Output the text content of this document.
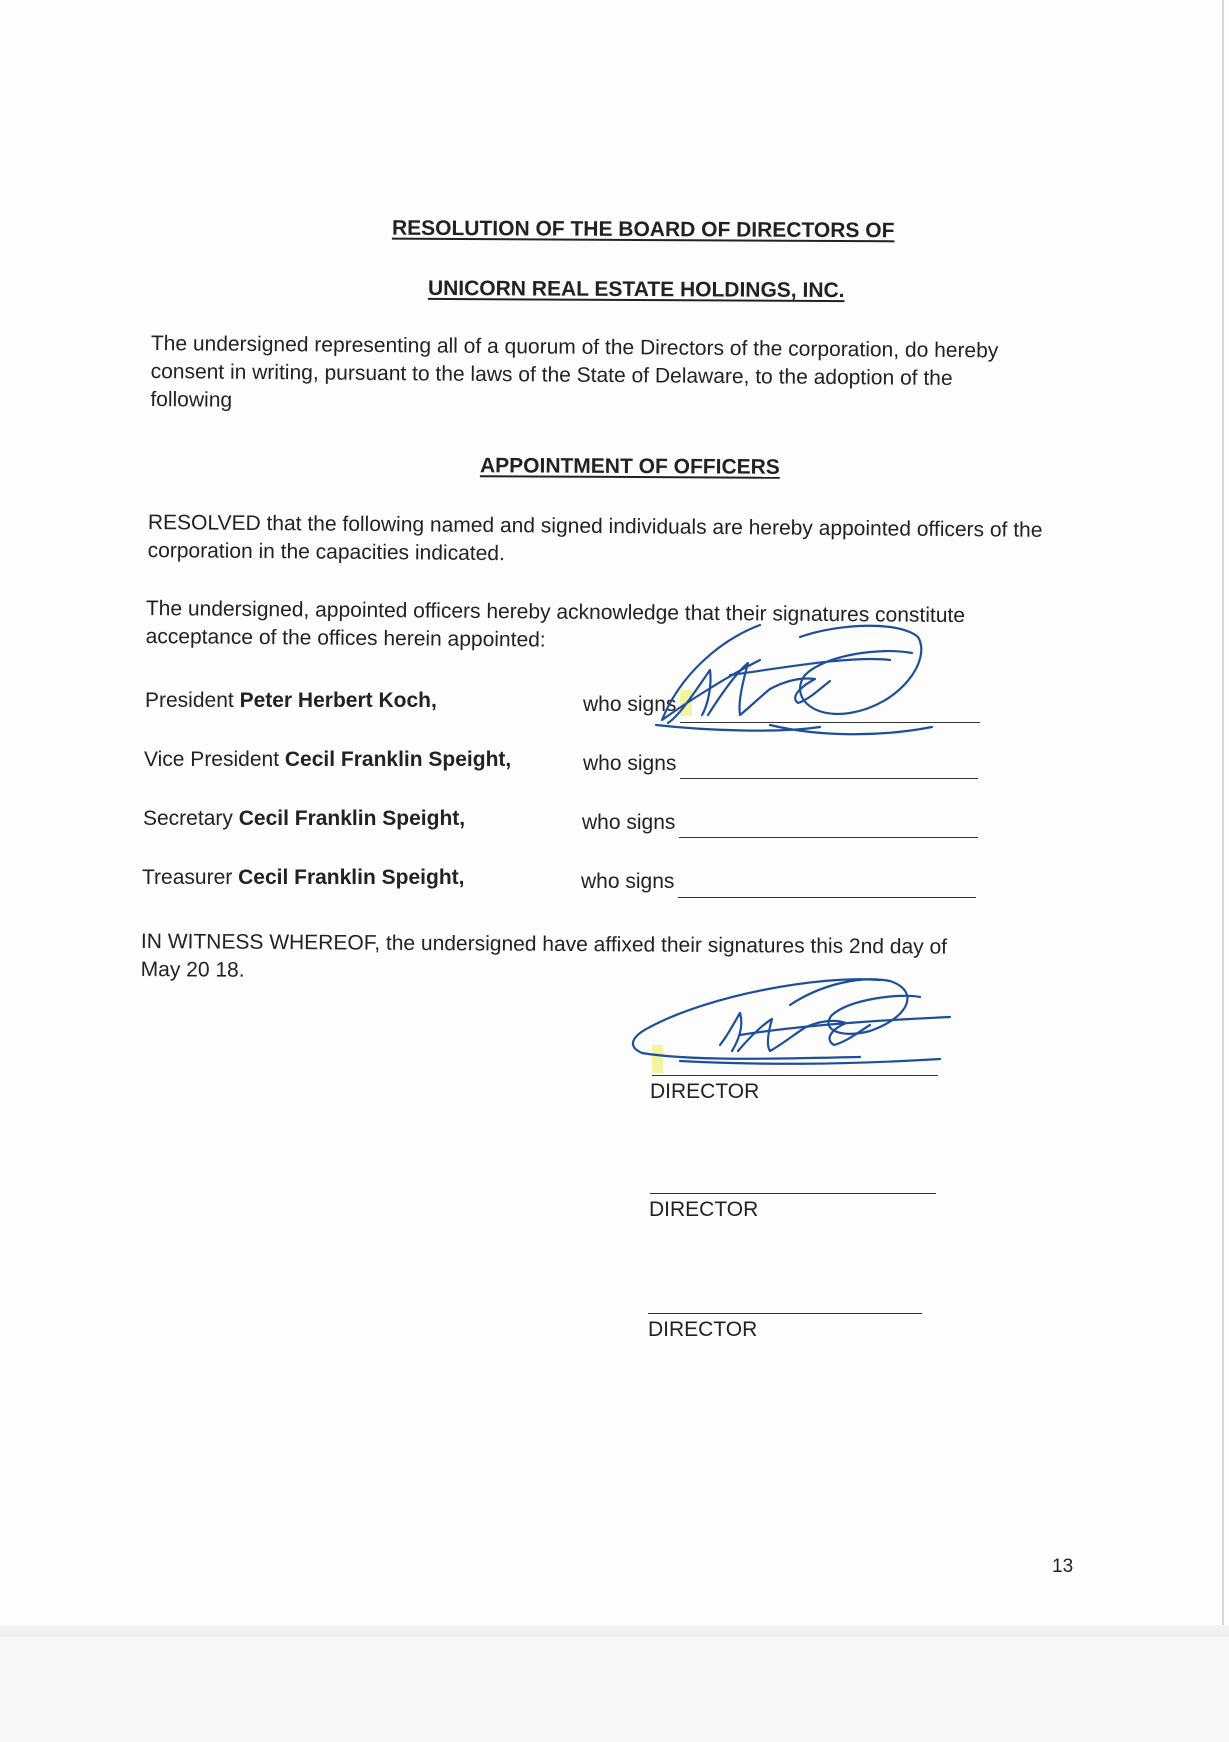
RESOLUTION OF THE BOARD OF DIRECTORS OF
UNICORN REAL ESTATE HOLDINGS, INC.
The undersigned representing all of a quorum of the Directors of the corporation, do hereby
consent in writing, pursuant to the laws of the State of Delaware, to the adoption of the
following
APPOINTMENT OF OFFICERS
RESOLVED that the following named and signed individuals are hereby appointed officers of the
corporation in the capacities indicated.
The undersigned, appointed officers hereby acknowledge that their signatures constitute
acceptance of the offices herein appointed:
President Peter Herbert Koch,	who signs
Vice President Cecil Franklin Speight,	who signs
Secretary Cecil Franklin Speight,	who signs
Treasurer Cecil Franklin Speight,	who signs
IN WITNESS WHEREOF, the undersigned have affixed their signatures this 2nd day of
May 20 18.
DIRECTOR
DIRECTOR
DIRECTOR
13
